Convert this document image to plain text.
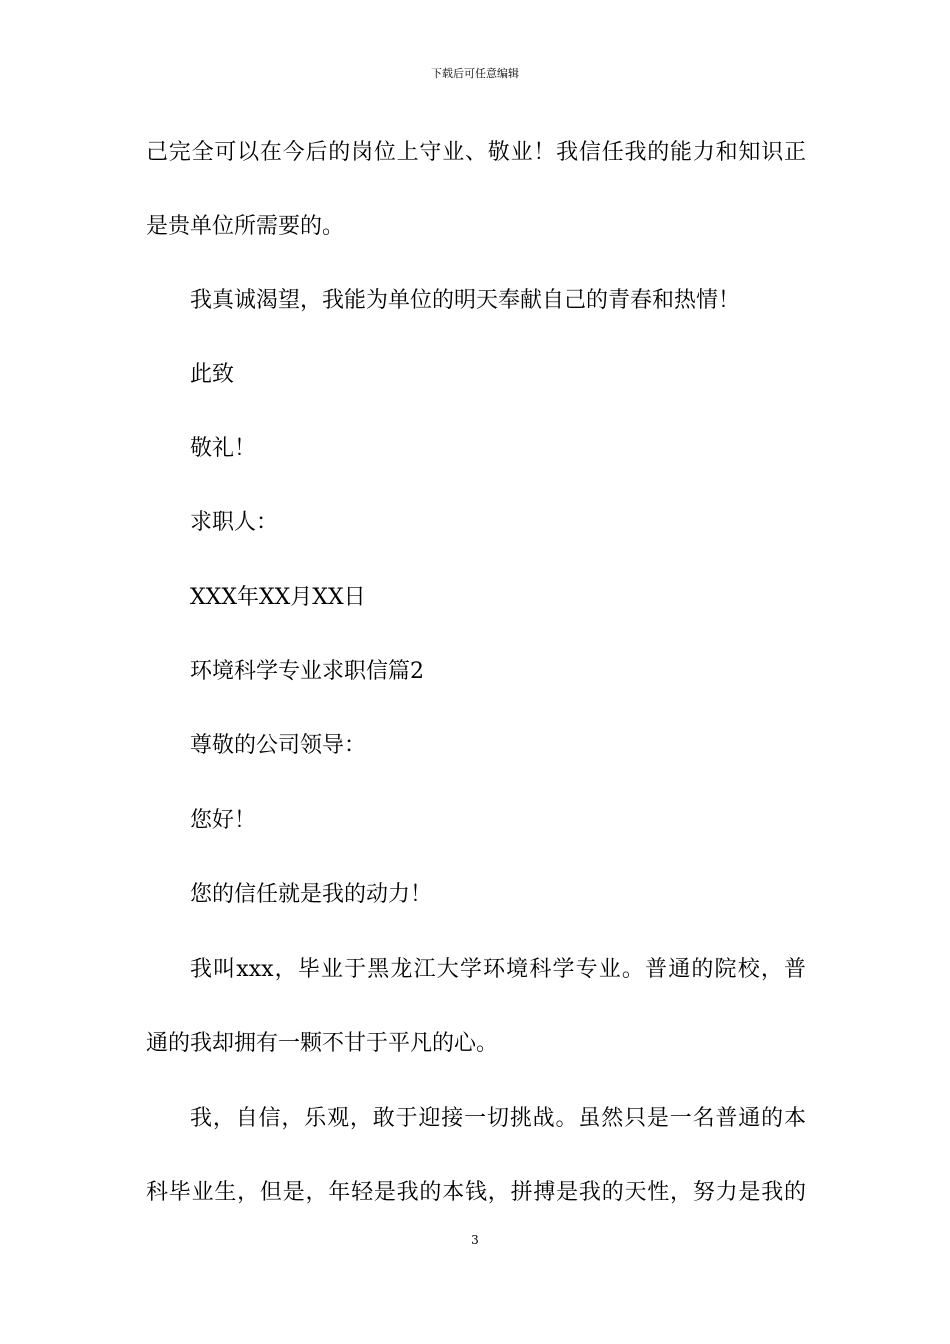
下载后可任意编辑
己完全可以在今后的岗位上守业、敬业！我信任我的能力和知识正
是贵单位所需要的。
我真诚渴望，我能为单位的明天奉献自己的青春和热情！
此致
敬礼！
求职人：
XXX年XX月XX日
环境科学专业求职信篇2
尊敬的公司领导：
您好！
您的信任就是我的动力！
我叫xxx，毕业于黑龙江大学环境科学专业。普通的院校，普
通的我却拥有一颗不甘于平凡的心。
我，自信，乐观，敢于迎接一切挑战。虽然只是一名普通的本
科毕业生，但是，年轻是我的本钱，拼搏是我的天性，努力是我的
3
